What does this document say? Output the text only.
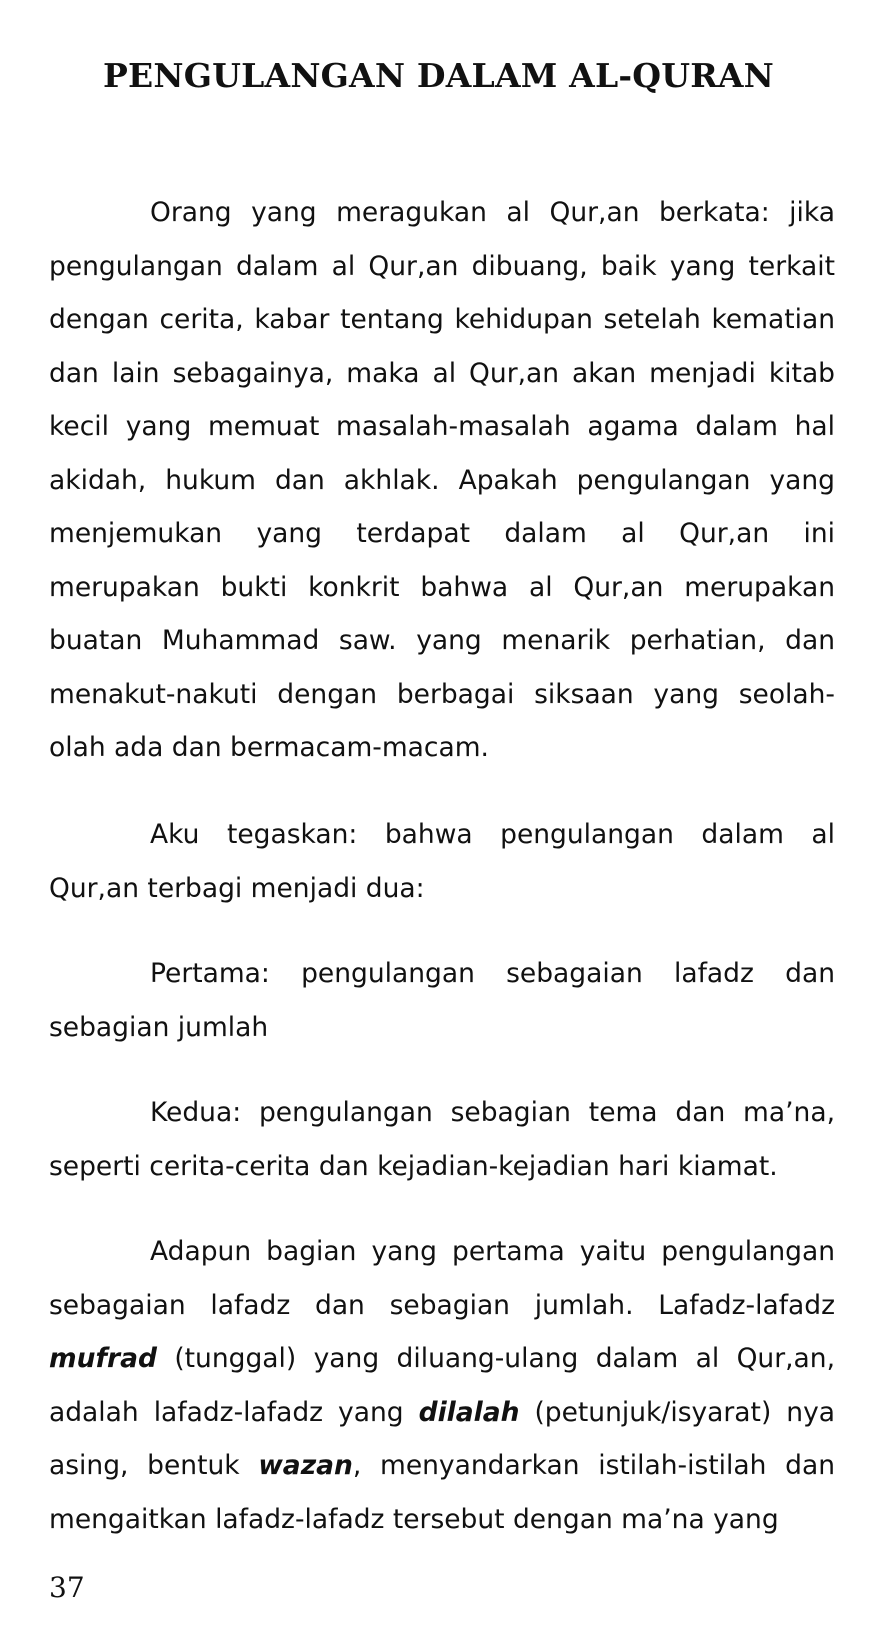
PENGULANGAN DALAM AL-QURAN

Orang yang meragukan al Qur,an berkata: jika pengulangan dalam al Qur,an dibuang, baik yang terkait dengan cerita, kabar tentang kehidupan setelah kematian dan lain sebagainya, maka al Qur,an akan menjadi kitab kecil yang memuat masalah-masalah agama dalam hal akidah, hukum dan akhlak. Apakah pengulangan yang menjemukan yang terdapat dalam al Qur,an ini merupakan bukti konkrit bahwa al Qur,an merupakan buatan Muhammad saw. yang menarik perhatian, dan menakut-nakuti dengan berbagai siksaan yang seolah-olah ada dan bermacam-macam.

Aku tegaskan: bahwa pengulangan dalam al Qur,an terbagi menjadi dua:

Pertama: pengulangan sebagaian lafadz dan sebagian jumlah

Kedua: pengulangan sebagian tema dan ma’na, seperti cerita-cerita dan kejadian-kejadian hari kiamat.

Adapun bagian yang pertama yaitu pengulangan sebagaian lafadz dan sebagian jumlah. Lafadz-lafadz mufrad (tunggal) yang diluang-ulang dalam al Qur,an, adalah lafadz-lafadz yang dilalah (petunjuk/isyarat) nya asing, bentuk wazan, menyandarkan istilah-istilah dan mengaitkan lafadz-lafadz tersebut dengan ma’na yang

37
